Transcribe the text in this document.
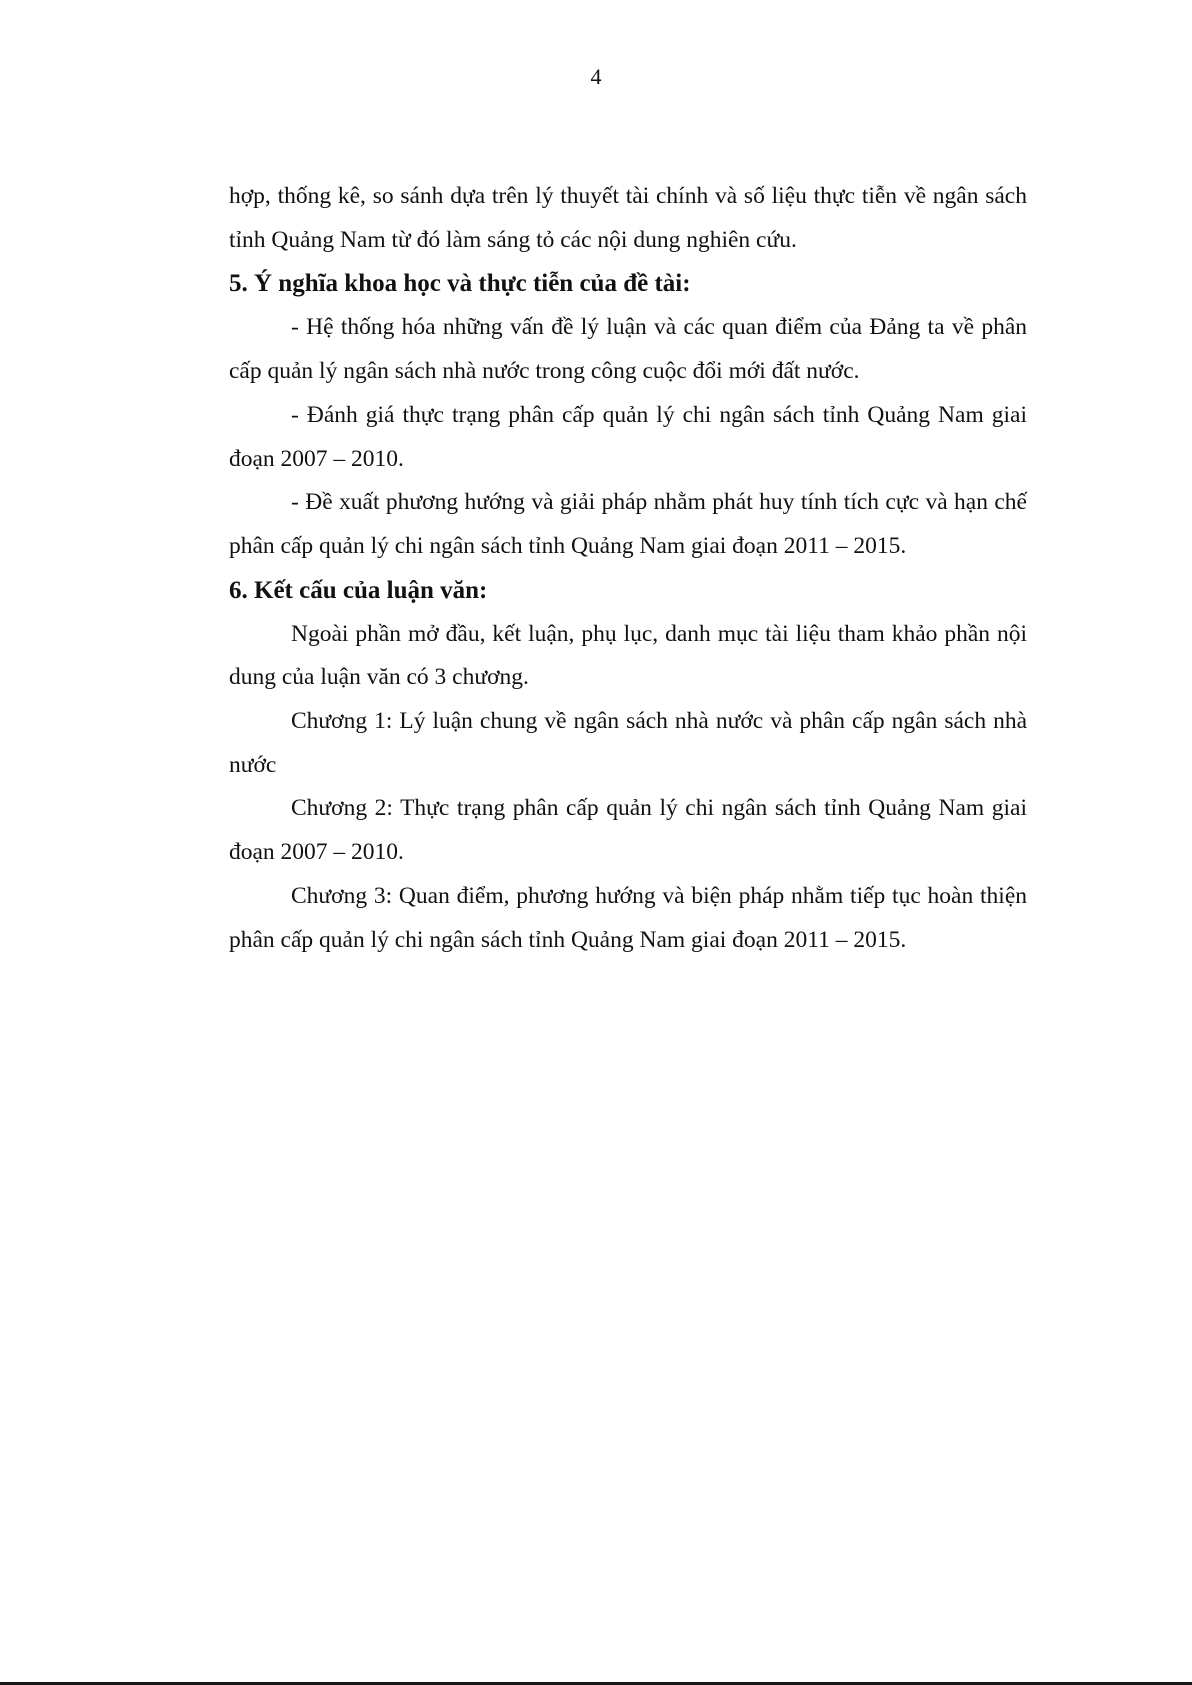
4

hợp, thống kê, so sánh dựa trên lý thuyết tài chính và số liệu thực tiễn về ngân sách tỉnh Quảng Nam từ đó làm sáng tỏ các nội dung nghiên cứu.

5. Ý nghĩa khoa học và thực tiễn của đề tài:

- Hệ thống hóa những vấn đề lý luận và các quan điểm của Đảng ta về phân cấp quản lý ngân sách nhà nước trong công cuộc đổi mới đất nước.

- Đánh giá thực trạng phân cấp quản lý chi ngân sách tỉnh Quảng Nam giai đoạn 2007 – 2010.

- Đề xuất phương hướng và giải pháp nhằm phát huy tính tích cực và hạn chế phân cấp quản lý chi ngân sách tỉnh Quảng Nam giai đoạn 2011 – 2015.

6. Kết cấu của luận văn:

Ngoài phần mở đầu, kết luận, phụ lục, danh mục tài liệu tham khảo phần nội dung của luận văn có 3 chương.

Chương 1: Lý luận chung về ngân sách nhà nước và phân cấp ngân sách nhà nước

Chương 2: Thực trạng phân cấp quản lý chi ngân sách tỉnh Quảng Nam giai đoạn 2007 – 2010.

Chương 3: Quan điểm, phương hướng và biện pháp nhằm tiếp tục hoàn thiện phân cấp quản lý chi ngân sách tỉnh Quảng Nam giai đoạn 2011 – 2015.
